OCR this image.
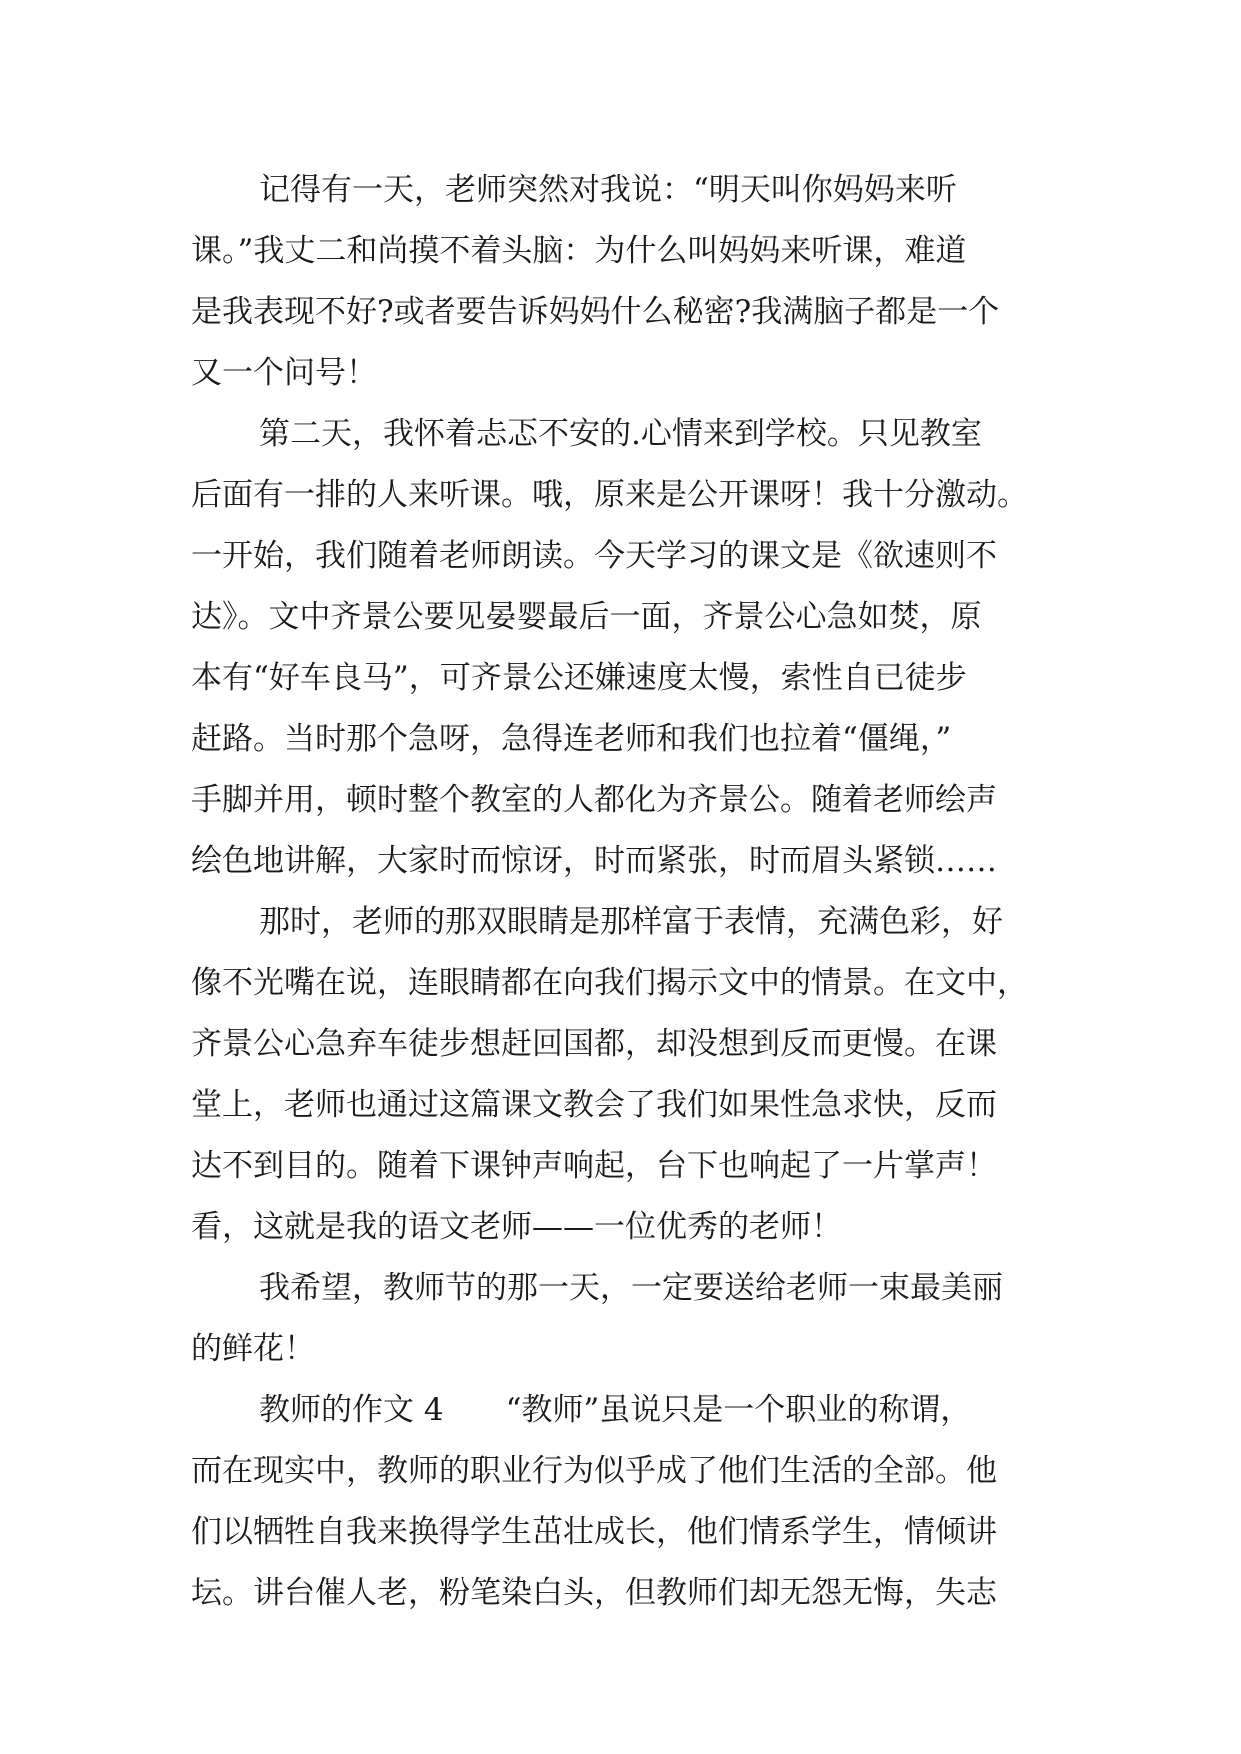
记得有一天，老师突然对我说：“明天叫你妈妈来听
课。”我丈二和尚摸不着头脑：为什么叫妈妈来听课，难道
是我表现不好?或者要告诉妈妈什么秘密?我满脑子都是一个
又一个问号！
第二天，我怀着忐忑不安的.心情来到学校。只见教室
后面有一排的人来听课。哦，原来是公开课呀！我十分激动。
一开始，我们随着老师朗读。今天学习的课文是《欲速则不
达》。文中齐景公要见晏婴最后一面，齐景公心急如焚，原
本有“好车良马”，可齐景公还嫌速度太慢，索性自已徒步
赶路。当时那个急呀，急得连老师和我们也拉着“僵绳，”
手脚并用，顿时整个教室的人都化为齐景公。随着老师绘声
绘色地讲解，大家时而惊讶，时而紧张，时而眉头紧锁……
那时，老师的那双眼睛是那样富于表情，充满色彩，好
像不光嘴在说，连眼睛都在向我们揭示文中的情景。在文中，
齐景公心急弃车徒步想赶回国都，却没想到反而更慢。在课
堂上，老师也通过这篇课文教会了我们如果性急求快，反而
达不到目的。随着下课钟声响起，台下也响起了一片掌声！
看，这就是我的语文老师——一位优秀的老师！
我希望，教师节的那一天，一定要送给老师一束最美丽
的鲜花！
教师的作文 4　　“教师”虽说只是一个职业的称谓，
而在现实中，教师的职业行为似乎成了他们生活的全部。他
们以牺牲自我来换得学生茁壮成长，他们情系学生，情倾讲
坛。讲台催人老，粉笔染白头，但教师们却无怨无悔，失志
